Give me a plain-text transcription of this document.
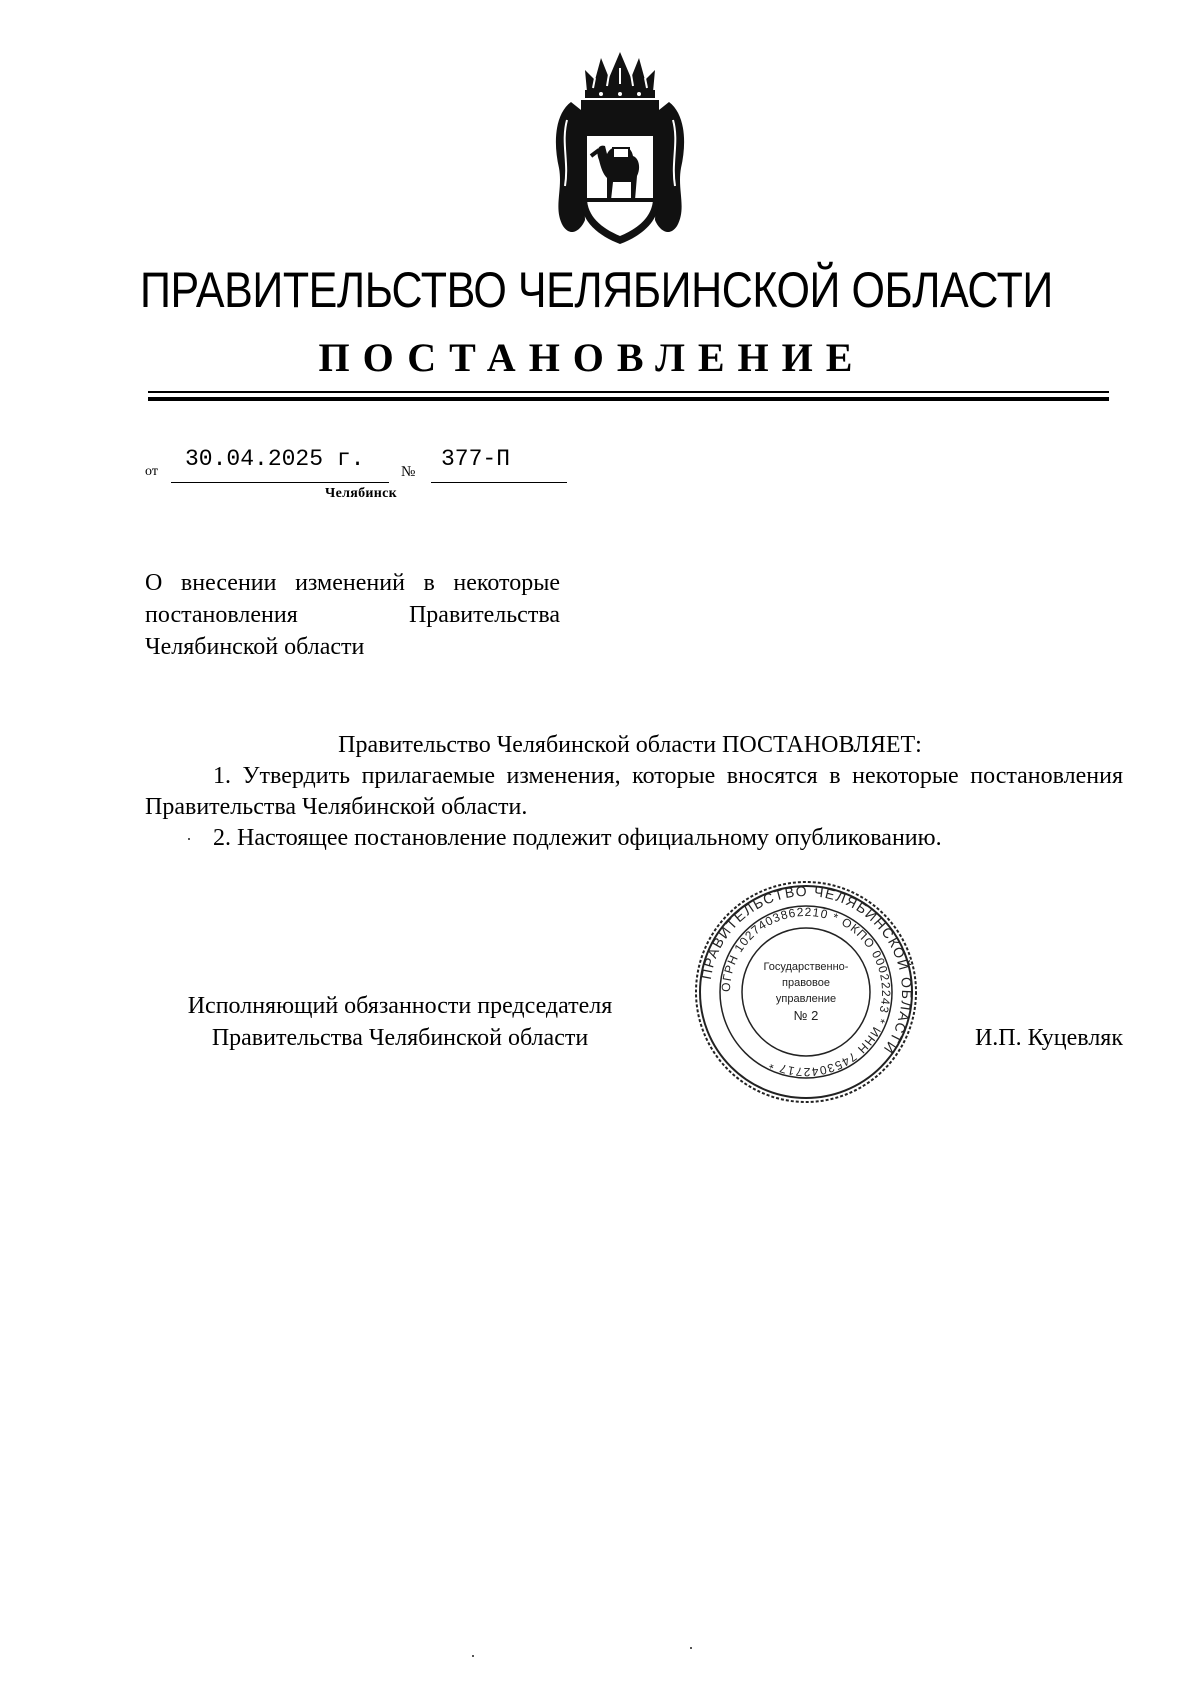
ПРАВИТЕЛЬСТВО ЧЕЛЯБИНСКОЙ ОБЛАСТИ
ПОСТАНОВЛЕНИЕ
от 30.04.2025 г. № 377-П
Челябинск

О внесении изменений в некоторые постановления Правительства Челябинской области

Правительство Челябинской области ПОСТАНОВЛЯЕТ:

1. Утвердить прилагаемые изменения, которые вносятся в некоторые постановления Правительства Челябинской области.

2. Настоящее постановление подлежит официальному опубликованию.

Исполняющий обязанности председателя
Правительства Челябинской области	И.П. Куцевляк
ПРАВИТЕЛЬСТВО ЧЕЛЯБИНСКОЙ ОБЛАСТИ
ОГРН 1027403862210 * ОКПО 00022243 * ИНН 7453042717 *
Государственно-
правовое
управление
№ 2
